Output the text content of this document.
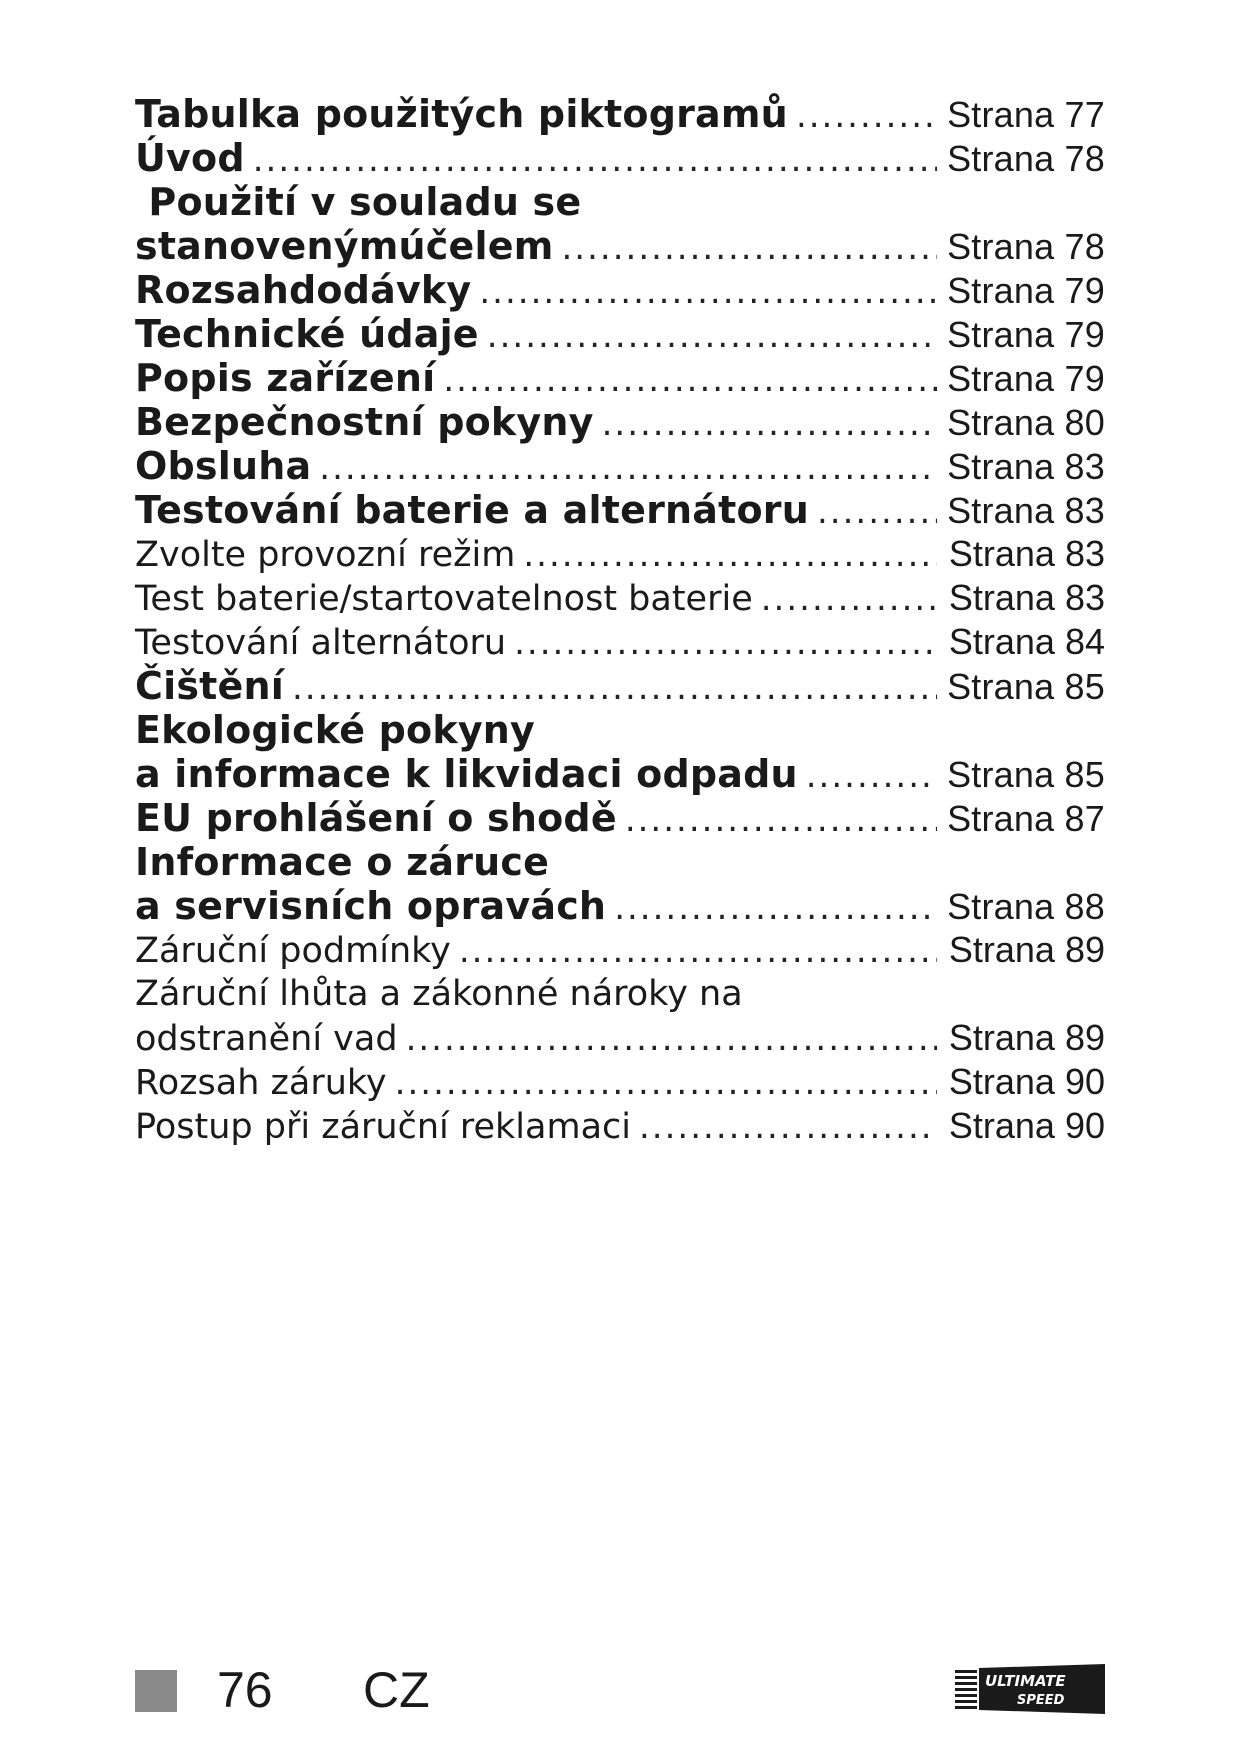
Tabulka použitých piktogramů .....	Strana 77
Úvod .....	Strana 78
Použití v souladu se
stanovenýmúčelem .....	Strana 78
Rozsahdodávky .....	Strana 79
Technické údaje .....	Strana 79
Popis zařízení .....	Strana 79
Bezpečnostní pokyny .....	Strana 80
Obsluha .....	Strana 83
Testování baterie a alternátoru .....	Strana 83
Zvolte provozní režim .....	Strana 83
Test baterie/startovatelnost baterie .....	Strana 83
Testování alternátoru .....	Strana 84
Čištění .....	Strana 85
Ekologické pokyny
a informace k likvidaci odpadu .....	Strana 85
EU prohlášení o shodě .....	Strana 87
Informace o záruce
a servisních opravách .....	Strana 88
Záruční podmínky .....	Strana 89
Záruční lhůta a zákonné nároky na
odstranění vad .....	Strana 89
Rozsah záruky .....	Strana 90
Postup při záruční reklamaci .....	Strana 90
76 CZ	ULTIMATE
SPEED
